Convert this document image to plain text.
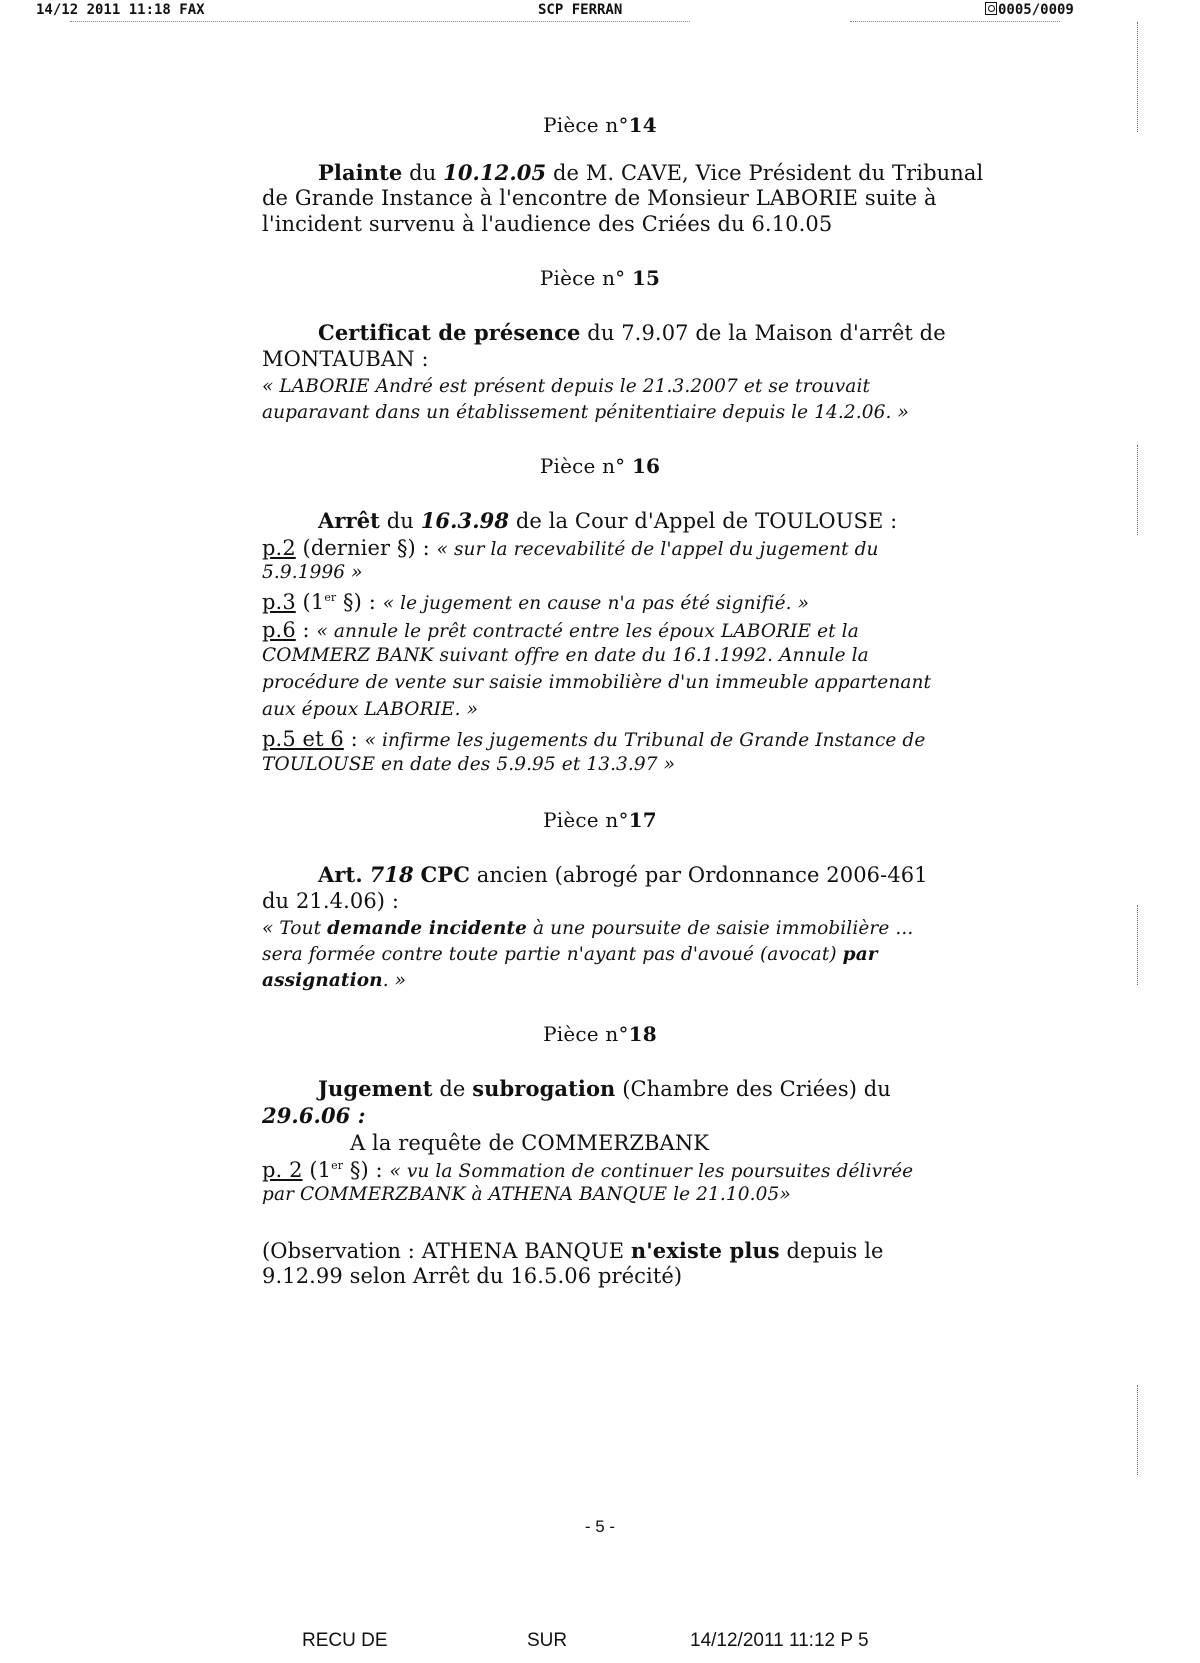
14/12 2011 11:18 FAX	SCP FERRAN	0005/0009
Pièce n°14
Plainte du 10.12.05 de M. CAVE, Vice Président du Tribunal
de Grande Instance à l'encontre de Monsieur LABORIE suite à
l'incident survenu à l'audience des Criées du 6.10.05
Pièce n° 15
Certificat de présence du 7.9.07 de la Maison d'arrêt de
MONTAUBAN :
« LABORIE André est présent depuis le 21.3.2007 et se trouvait
auparavant dans un établissement pénitentiaire depuis le 14.2.06. »
Pièce n° 16
Arrêt du 16.3.98 de la Cour d'Appel de TOULOUSE :
p.2 (dernier §) : « sur la recevabilité de l'appel du jugement du
5.9.1996 »
p.3 (1er §) : « le jugement en cause n'a pas été signifié. »
p.6 : « annule le prêt contracté entre les époux LABORIE et la
COMMERZ BANK suivant offre en date du 16.1.1992. Annule la
procédure de vente sur saisie immobilière d'un immeuble appartenant
aux époux LABORIE. »
p.5 et 6 : « infirme les jugements du Tribunal de Grande Instance de
TOULOUSE en date des 5.9.95 et 13.3.97 »
Pièce n°17
Art. 718 CPC ancien (abrogé par Ordonnance 2006-461
du 21.4.06) :
« Tout demande incidente à une poursuite de saisie immobilière ...
sera formée contre toute partie n'ayant pas d'avoué (avocat) par
assignation. »
Pièce n°18
Jugement de subrogation (Chambre des Criées) du
29.6.06 :
A la requête de COMMERZBANK
p. 2 (1er §) : « vu la Sommation de continuer les poursuites délivrée
par COMMERZBANK à ATHENA BANQUE le 21.10.05»
(Observation : ATHENA BANQUE n'existe plus depuis le
9.12.99 selon Arrêt du 16.5.06 précité)
- 5 -
RECU DE	SUR	14/12/2011 11:12 P 5
